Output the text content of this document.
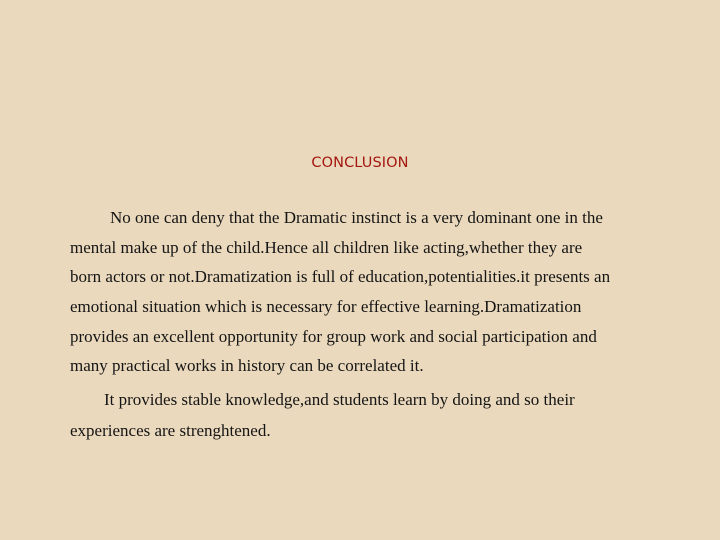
CONCLUSION
No one can deny that the Dramatic instinct is a very dominant one in the
mental make up of the child.Hence all children like acting,whether they are
born actors or not.Dramatization is full of education,potentialities.it presents an
emotional situation which is necessary for effective learning.Dramatization
provides an excellent opportunity for group work and social participation and
many practical works in history can be correlated it.
It provides stable knowledge,and students learn by doing and so their
experiences are strenghtened.
